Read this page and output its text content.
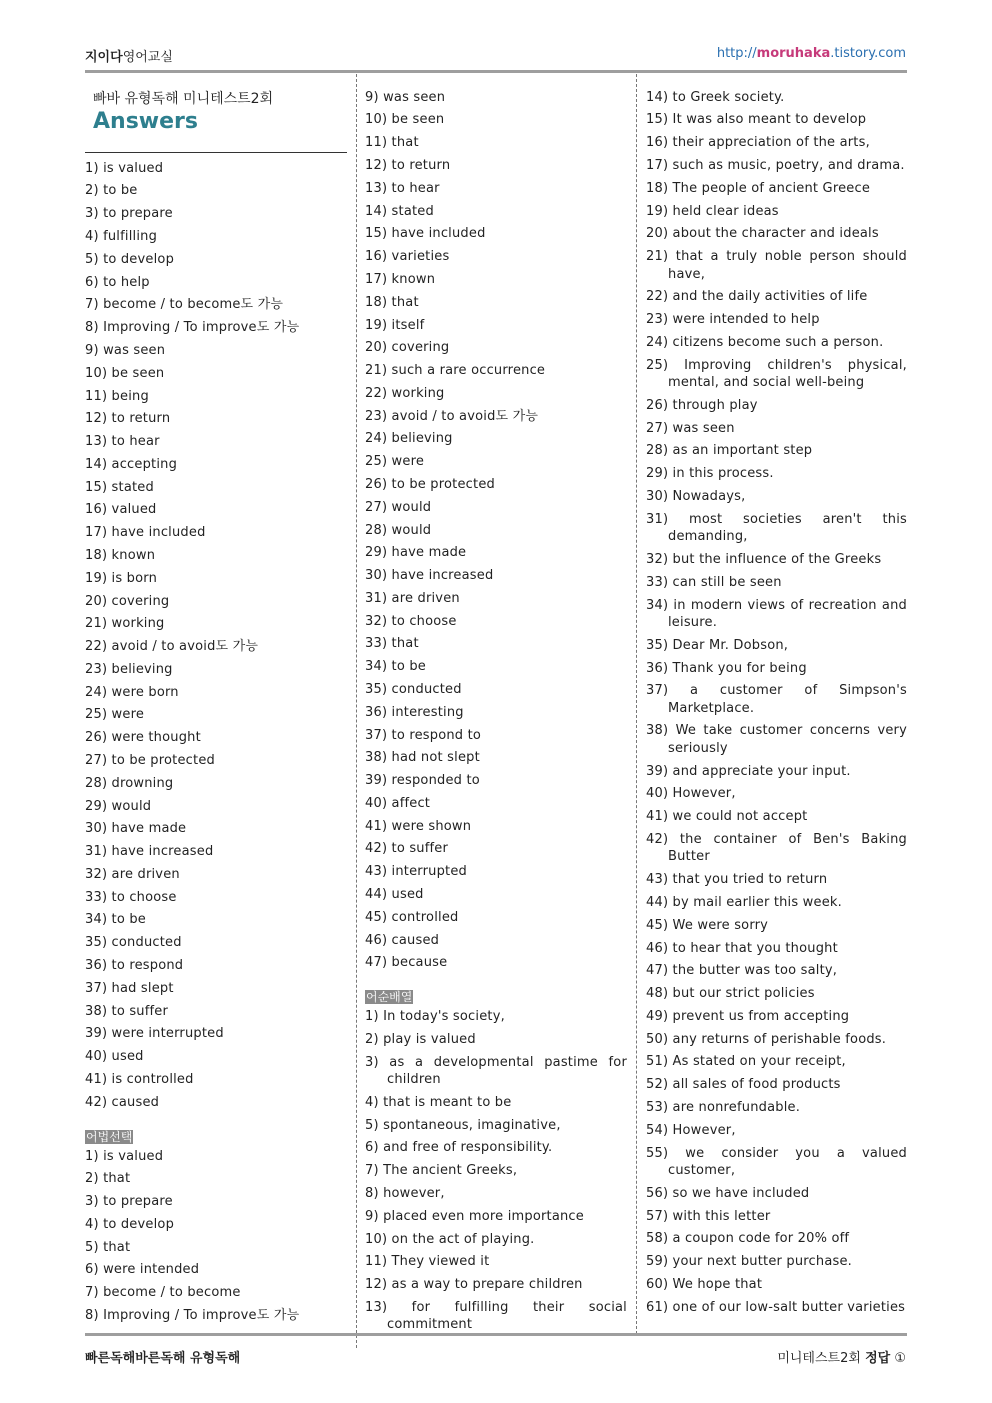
지이다영어교실	http://moruhaka.tistory.com
빠바 유형독해 미니테스트2회
Answers
1) is valued
2) to be
3) to prepare
4) fulfilling
5) to develop
6) to help
7) become / to become도 가능
8) Improving / To improve도 가능
9) was seen
10) be seen
11) being
12) to return
13) to hear
14) accepting
15) stated
16) valued
17) have included
18) known
19) is born
20) covering
21) working
22) avoid / to avoid도 가능
23) believing
24) were born
25) were
26) were thought
27) to be protected
28) drowning
29) would
30) have made
31) have increased
32) are driven
33) to choose
34) to be
35) conducted
36) to respond
37) had slept
38) to suffer
39) were interrupted
40) used
41) is controlled
42) caused
어법선택
1) is valued
2) that
3) to prepare
4) to develop
5) that
6) were intended
7) become / to become
8) Improving / To improve도 가능
9) was seen
10) be seen
11) that
12) to return
13) to hear
14) stated
15) have included
16) varieties
17) known
18) that
19) itself
20) covering
21) such a rare occurrence
22) working
23) avoid / to avoid도 가능
24) believing
25) were
26) to be protected
27) would
28) would
29) have made
30) have increased
31) are driven
32) to choose
33) that
34) to be
35) conducted
36) interesting
37) to respond to
38) had not slept
39) responded to
40) affect
41) were shown
42) to suffer
43) interrupted
44) used
45) controlled
46) caused
47) because
어순배열
1) In today's society,
2) play is valued
3) as a developmental pastime for
children
4) that is meant to be
5) spontaneous, imaginative,
6) and free of responsibility.
7) The ancient Greeks,
8) however,
9) placed even more importance
10) on the act of playing.
11) They viewed it
12) as a way to prepare children
13) for fulfilling their social
commitment
14) to Greek society.
15) It was also meant to develop
16) their appreciation of the arts,
17) such as music, poetry, and drama.
18) The people of ancient Greece
19) held clear ideas
20) about the character and ideals
21) that a truly noble person should
have,
22) and the daily activities of life
23) were intended to help
24) citizens become such a person.
25) Improving children's physical,
mental, and social well-being
26) through play
27) was seen
28) as an important step
29) in this process.
30) Nowadays,
31) most societies aren't this
demanding,
32) but the influence of the Greeks
33) can still be seen
34) in modern views of recreation and
leisure.
35) Dear Mr. Dobson,
36) Thank you for being
37) a customer of Simpson's
Marketplace.
38) We take customer concerns very
seriously
39) and appreciate your input.
40) However,
41) we could not accept
42) the container of Ben's Baking
Butter
43) that you tried to return
44) by mail earlier this week.
45) We were sorry
46) to hear that you thought
47) the butter was too salty,
48) but our strict policies
49) prevent us from accepting
50) any returns of perishable foods.
51) As stated on your receipt,
52) all sales of food products
53) are nonrefundable.
54) However,
55) we consider you a valued
customer,
56) so we have included
57) with this letter
58) a coupon code for 20% off
59) your next butter purchase.
60) We hope that
61) one of our low-salt butter varieties
빠른독해바른독해 유형독해	미니테스트2회 정답 ①
